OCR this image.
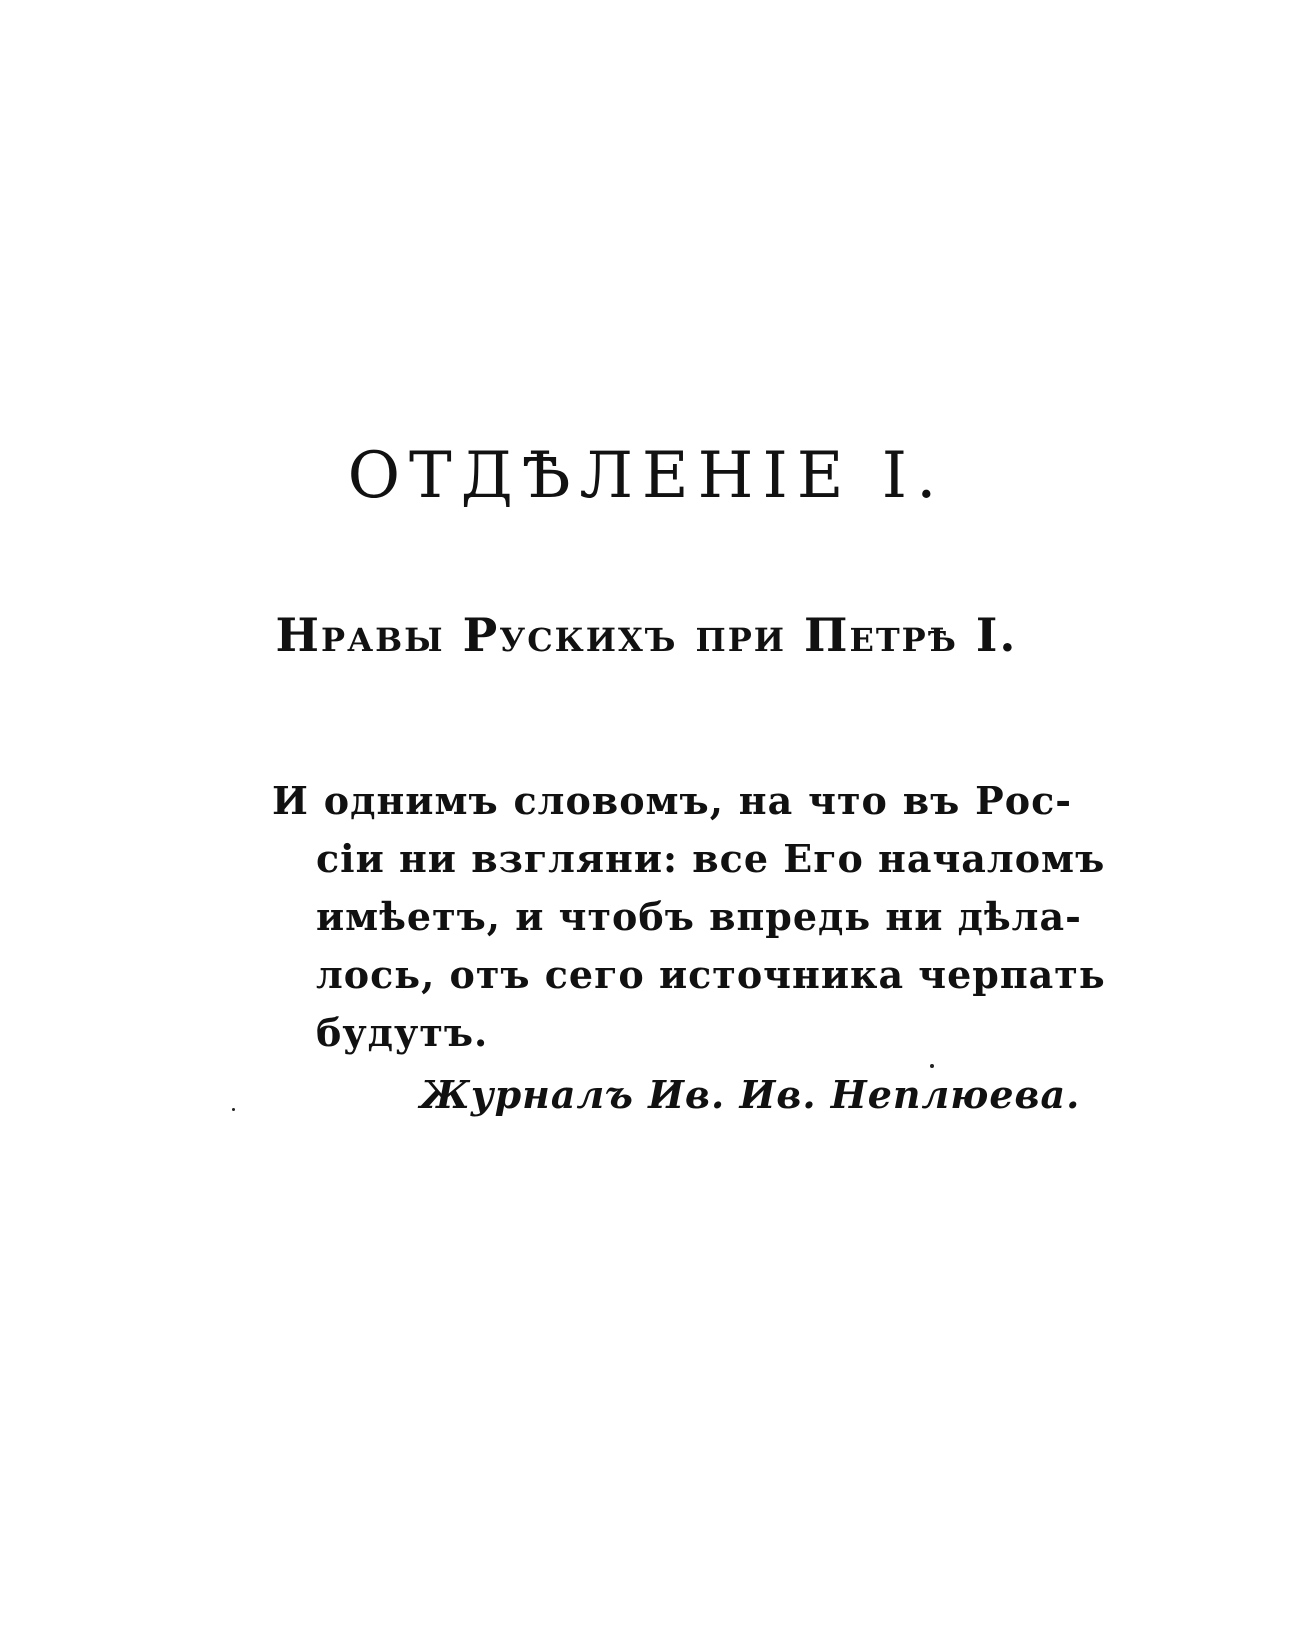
ОТДѢЛЕНІЕ I.
Нравы Рускихъ при Петрѣ I.
И однимъ словомъ, на что въ Рос-
сіи ни взгляни: все Его началомъ
имѣетъ, и чтобъ впредь ни дѣла-
лось, отъ сего источника черпать
будутъ.
Журналъ Ив. Ив. Неплюева.
